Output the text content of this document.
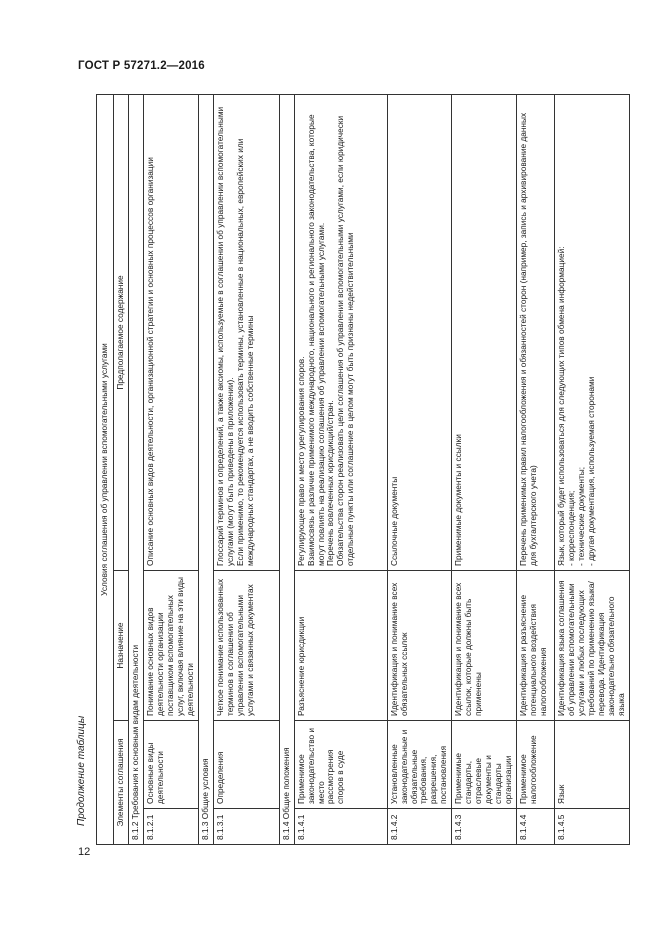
ГОСТ Р 57271.2—2016
Продолжение таблицы
12
Условия соглашения об управлении вспомогательными услугами			
Элементы соглашения		Назначение	Предполагаемое содержание
8.1.2 Требования к основным видам деятельности			
8.1.2.1	Основные виды деятельности	Понимание основных видов деятельности организации поставщиком вспомогательных услуг, включая влияние на эти виды деятельности	Описание основных видов деятельности, организационной стратегии и основных процессов организации

8.1.3 Общие условия			
8.1.3.1	Определения	Четкое понимание использованных терминов в соглашении об управлении вспомогательными услугами и связанных документах	Глоссарий терминов и определений, а также аксиомы, используемые в соглашении об управлении вспомогательными услугами (могут быть приведены в приложении). Если применимо, то рекомендуется использовать термины, установленные в национальных, европейских или международных стандартах, а не вводить собственные термины

8.1.4 Общие положения			
8.1.4.1	Применимое законодательство и место рассмотрения споров в суде	Разъяснение юрисдикции	Регулирующее право и место урегулирования споров. Взаимосвязь и различие применимого международного, национального и регионального законодательства, которые могут повлиять на реализацию соглашения об управлении вспомогательными услугами. Перечень вовлеченных юрисдикций/стран. Обязательства сторон реализовать цели соглашения об управлении вспомогательными услугами, если юридически отдельные пункты или соглашение в целом могут быть признаны недействительными

8.1.4.2	Установленные законодательные и обязательные требования, разрешения, постановления	Идентификация и понимание всех обязательных ссылок	Ссылочные документы

8.1.4.3	Применимые стандарты, отраслевые документы и стандарты организации	Идентификация и понимание всех ссылок, которые должны быть применены	Применимые документы и ссылки

8.1.4.4	Применимое налогообложение	Идентификация и разъяснение потенциального воздействия налогообложения	Перечень применимых правил налогообложения и обязанностей сторон (например, запись и архивирование данных для бухгалтерского учета)

8.1.4.5	Язык	Идентификация языка соглашения об управлении вспомогательными услугами и любых последующих требований по применению языка/перевода. Идентификация законодательно обязательного языка	Язык, который будет использоваться для следующих типов обмена информацией: - корреспонденция; - технические документы; - другая документация, используемая сторонами
